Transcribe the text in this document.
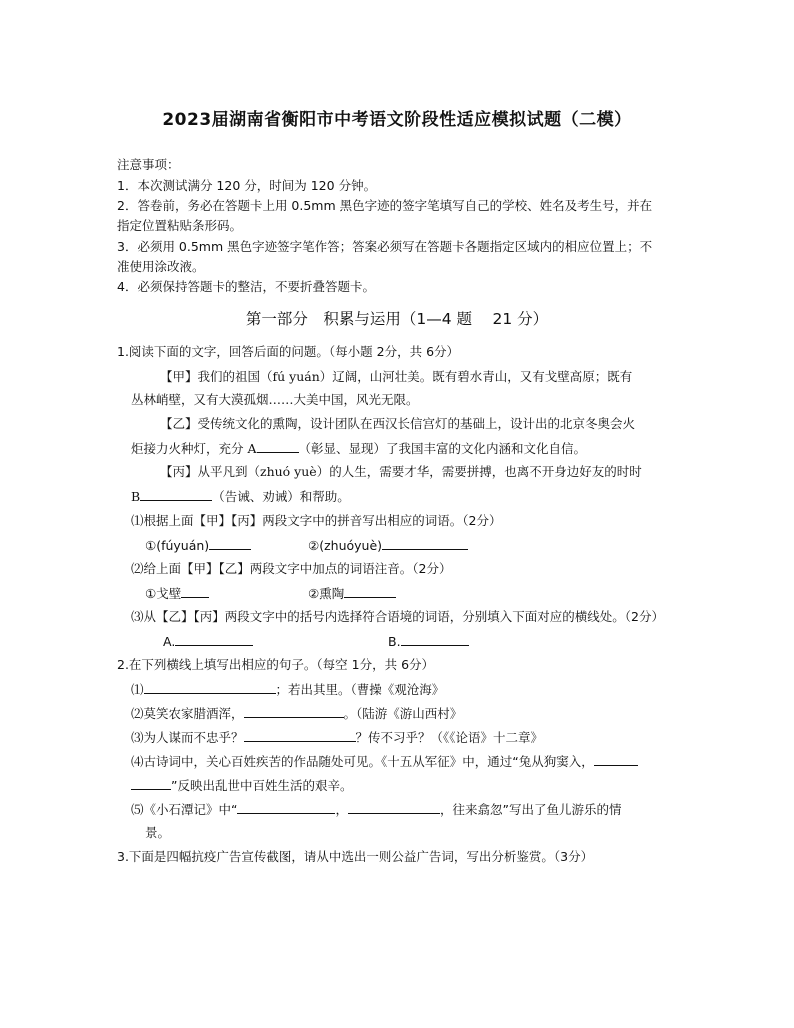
2023届湖南省衡阳市中考语文阶段性适应模拟试题（二模）
注意事项：
1．本次测试满分 120 分，时间为 120 分钟。
2．答卷前，务必在答题卡上用 0.5mm 黑色字迹的签字笔填写自己的学校、姓名及考生号，并在
指定位置粘贴条形码。
3．必须用 0.5mm 黑色字迹签字笔作答；答案必须写在答题卡各题指定区域内的相应位置上；不
准使用涂改液。
4．必须保持答题卡的整洁，不要折叠答题卡。
第一部分　积累与运用（1—4 题　 21 分）
1.阅读下面的文字，回答后面的问题。（每小题 2分，共 6分）
【甲】我们的祖国（fú yuán）辽阔，山河壮美。既有碧水青山，又有戈壁高原；既有
丛林峭壁，又有大漠孤烟……大美中国，风光无限。
【乙】受传统文化的熏陶，设计团队在西汉长信宫灯的基础上，设计出的北京冬奥会火
炬接力火种灯，充分 A	（彰显、显现）了我国丰富的文化内涵和文化自信。
【丙】从平凡到（zhuó yuè）的人生，需要才华，需要拼搏，也离不开身边好友的时时
B	（告诫、劝诫）和帮助。
⑴根据上面【甲】【丙】两段文字中的拼音写出相应的词语。（2分）
①(fúyuán)	②(zhuóyuè)
⑵给上面【甲】【乙】两段文字中加点的词语注音。（2分）
①戈壁	②熏陶
⑶从【乙】【丙】两段文字中的括号内选择符合语境的词语，分别填入下面对应的横线处。（2分）
A.	B.
2.在下列横线上填写出相应的句子。（每空 1分，共 6分）
⑴	；若出其里。（曹操《观沧海》
⑵莫笑农家腊酒浑，	。（陆游《游山西村》
⑶为人谋而不忠乎？	？传不习乎？（《《论语》十二章》
⑷古诗词中，关心百姓疾苦的作品随处可见。《十五从军征》中，通过“兔从狗窦入，
”反映出乱世中百姓生活的艰辛。
⑸《小石潭记》中“	，	，往来翕忽”写出了鱼儿游乐的情
景。
3.下面是四幅抗疫广告宣传截图，请从中选出一则公益广告词，写出分析鉴赏。（3分）
